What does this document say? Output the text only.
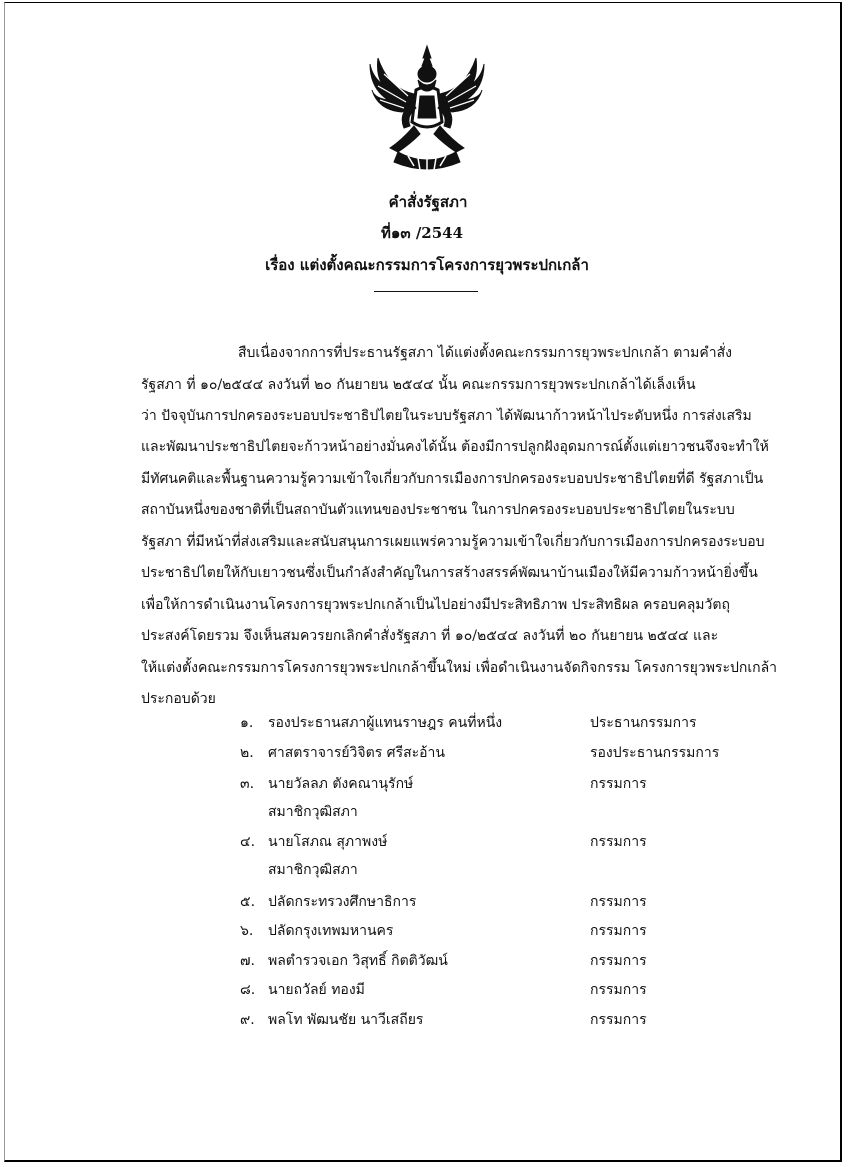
คำสั่งรัฐสภา
ที่๑๓ /2544
เรื่อง แต่งตั้งคณะกรรมการโครงการยุวพระปกเกล้า
สืบเนื่องจากการที่ประธานรัฐสภา ได้แต่งตั้งคณะกรรมการยุวพระปกเกล้า ตามคำสั่ง
รัฐสภา ที่ ๑๐/๒๕๔๔ ลงวันที่ ๒๐ กันยายน ๒๕๔๔ นั้น คณะกรรมการยุวพระปกเกล้าได้เล็งเห็น
ว่า ปัจจุบันการปกครองระบอบประชาธิปไตยในระบบรัฐสภา ได้พัฒนาก้าวหน้าไประดับหนึ่ง การส่งเสริม
และพัฒนาประชาธิปไตยจะก้าวหน้าอย่างมั่นคงได้นั้น ต้องมีการปลูกฝังอุดมการณ์ตั้งแต่เยาวชนจึงจะทำให้
มีทัศนคติและพื้นฐานความรู้ความเข้าใจเกี่ยวกับการเมืองการปกครองระบอบประชาธิปไตยที่ดี รัฐสภาเป็น
สถาบันหนึ่งของชาติที่เป็นสถาบันตัวแทนของประชาชน ในการปกครองระบอบประชาธิปไตยในระบบ
รัฐสภา ที่มีหน้าที่ส่งเสริมและสนับสนุนการเผยแพร่ความรู้ความเข้าใจเกี่ยวกับการเมืองการปกครองระบอบ
ประชาธิปไตยให้กับเยาวชนซึ่งเป็นกำลังสำคัญในการสร้างสรรค์พัฒนาบ้านเมืองให้มีความก้าวหน้ายิ่งขึ้น
เพื่อให้การดำเนินงานโครงการยุวพระปกเกล้าเป็นไปอย่างมีประสิทธิภาพ ประสิทธิผล ครอบคลุมวัตถุ
ประสงค์โดยรวม จึงเห็นสมควรยกเลิกคำสั่งรัฐสภา ที่ ๑๐/๒๕๔๔ ลงวันที่ ๒๐ กันยายน ๒๕๔๔ และ
ให้แต่งตั้งคณะกรรมการโครงการยุวพระปกเกล้าขึ้นใหม่ เพื่อดำเนินงานจัดกิจกรรม โครงการยุวพระปกเกล้า
ประกอบด้วย
๑. รองประธานสภาผู้แทนราษฎร คนที่หนึ่ง	ประธานกรรมการ
๒. ศาสตราจารย์วิจิตร ศรีสะอ้าน	รองประธานกรรมการ
๓. นายวัลลภ ตังคณานุรักษ์	กรรมการ
สมาชิกวุฒิสภา
๔. นายโสภณ สุภาพงษ์	กรรมการ
สมาชิกวุฒิสภา
๕. ปลัดกระทรวงศึกษาธิการ	กรรมการ
๖. ปลัดกรุงเทพมหานคร	กรรมการ
๗. พลตำรวจเอก วิสุทธิ์ กิตติวัฒน์	กรรมการ
๘. นายถวัลย์ ทองมี	กรรมการ
๙. พลโท พัฒนชัย นาวีเสถียร	กรรมการ
